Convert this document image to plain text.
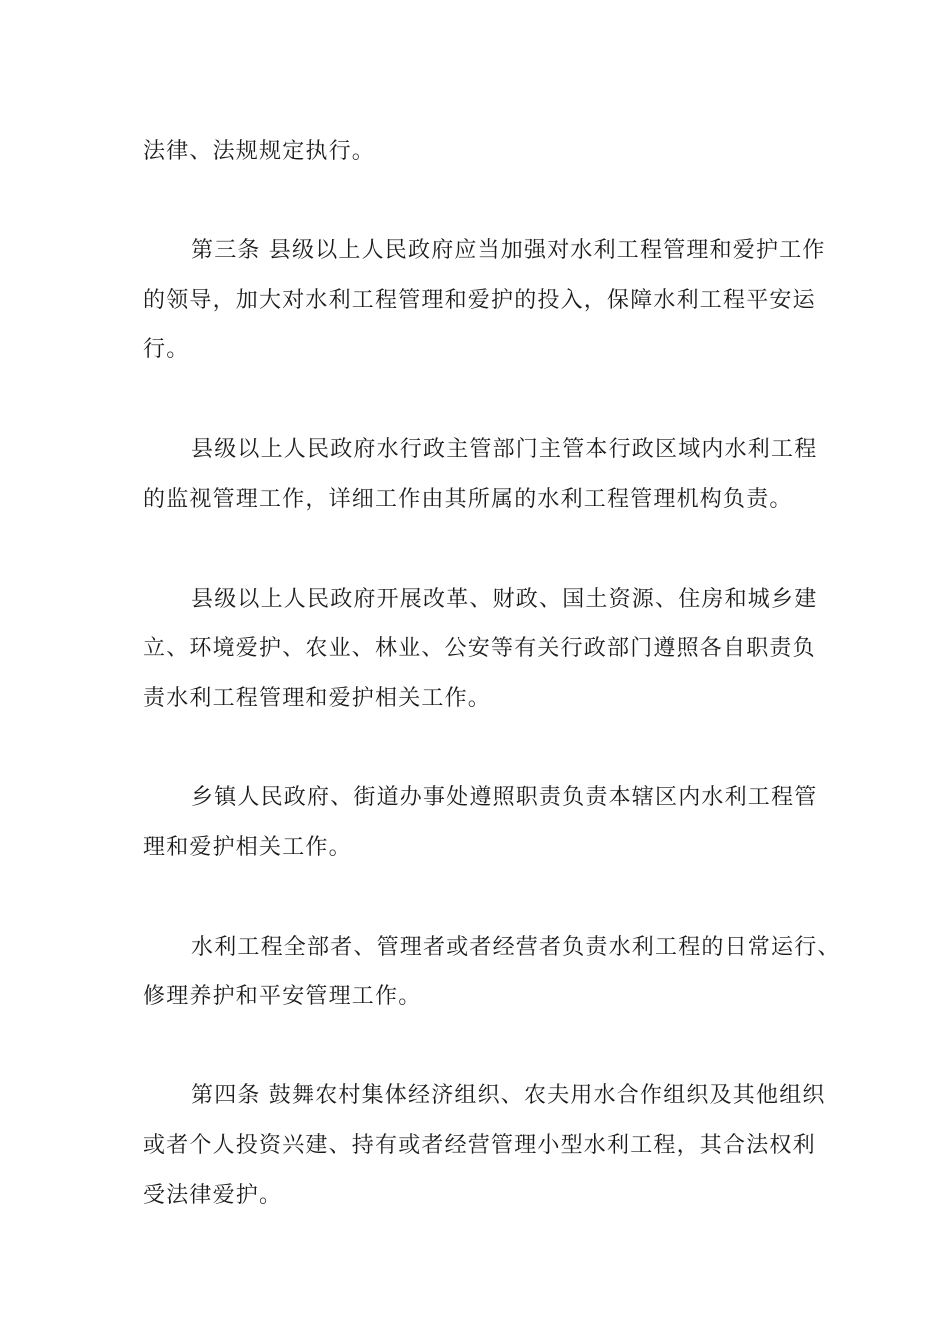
法律、法规规定执行。
第三条 县级以上人民政府应当加强对水利工程管理和爱护工作
的领导，加大对水利工程管理和爱护的投入，保障水利工程平安运
行。
县级以上人民政府水行政主管部门主管本行政区域内水利工程
的监视管理工作，详细工作由其所属的水利工程管理机构负责。
县级以上人民政府开展改革、财政、国土资源、住房和城乡建
立、环境爱护、农业、林业、公安等有关行政部门遵照各自职责负
责水利工程管理和爱护相关工作。
乡镇人民政府、街道办事处遵照职责负责本辖区内水利工程管
理和爱护相关工作。
水利工程全部者、管理者或者经营者负责水利工程的日常运行、
修理养护和平安管理工作。
第四条 鼓舞农村集体经济组织、农夫用水合作组织及其他组织
或者个人投资兴建、持有或者经营管理小型水利工程，其合法权利
受法律爱护。
